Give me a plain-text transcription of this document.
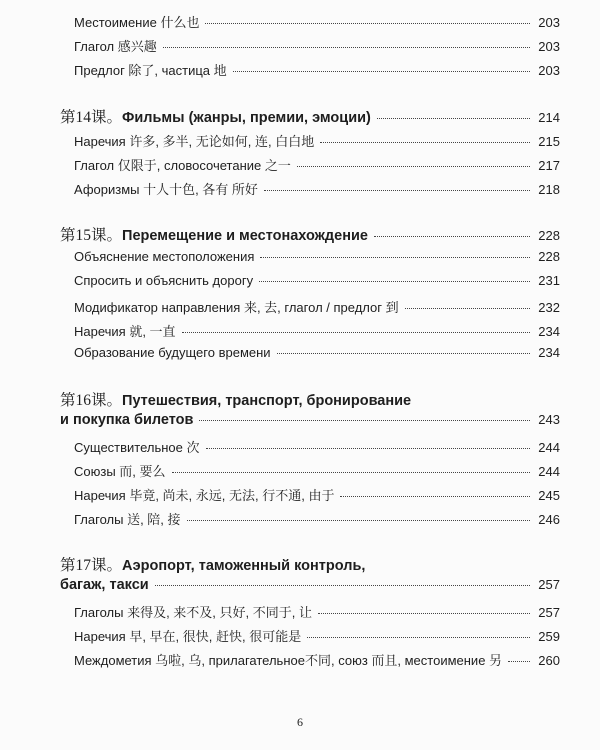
Местоимение 什么也	203
Глагол 感兴趣	203
Предлог 除了, частица 地	203
第14课。Фильмы (жанры, премии, эмоции)	214
Наречия 许多, 多半, 无论如何, 连, 白白地	215
Глагол 仅限于, словосочетание 之一	217
Афоризмы 十人十色, 各有 所好	218
第15课。Перемещение и местонахождение	228
Объяснение местоположения	228
Спросить и объяснить дорогу	231
Модификатор направления 来, 去, глагол / предлог 到	232
Наречия 就, 一直	234
Образование будущего времени	234
第16课。Путешествия, транспорт, бронирование
и покупка билетов	243
Существительное 次	244
Союзы 而, 要么	244
Наречия 毕竟, 尚未, 永远, 无法, 行不通, 由于	245
Глаголы 送, 陪, 接	246
第17课。Аэропорт, таможенный контроль,
багаж, такси	257
Глаголы 来得及, 来不及, 只好, 不同于, 让	257
Наречия 早, 早在, 很快, 赶快, 很可能是	259
Междометия 乌啦, 乌, прилагательное不同, союз 而且, местоимение 另	260
6
